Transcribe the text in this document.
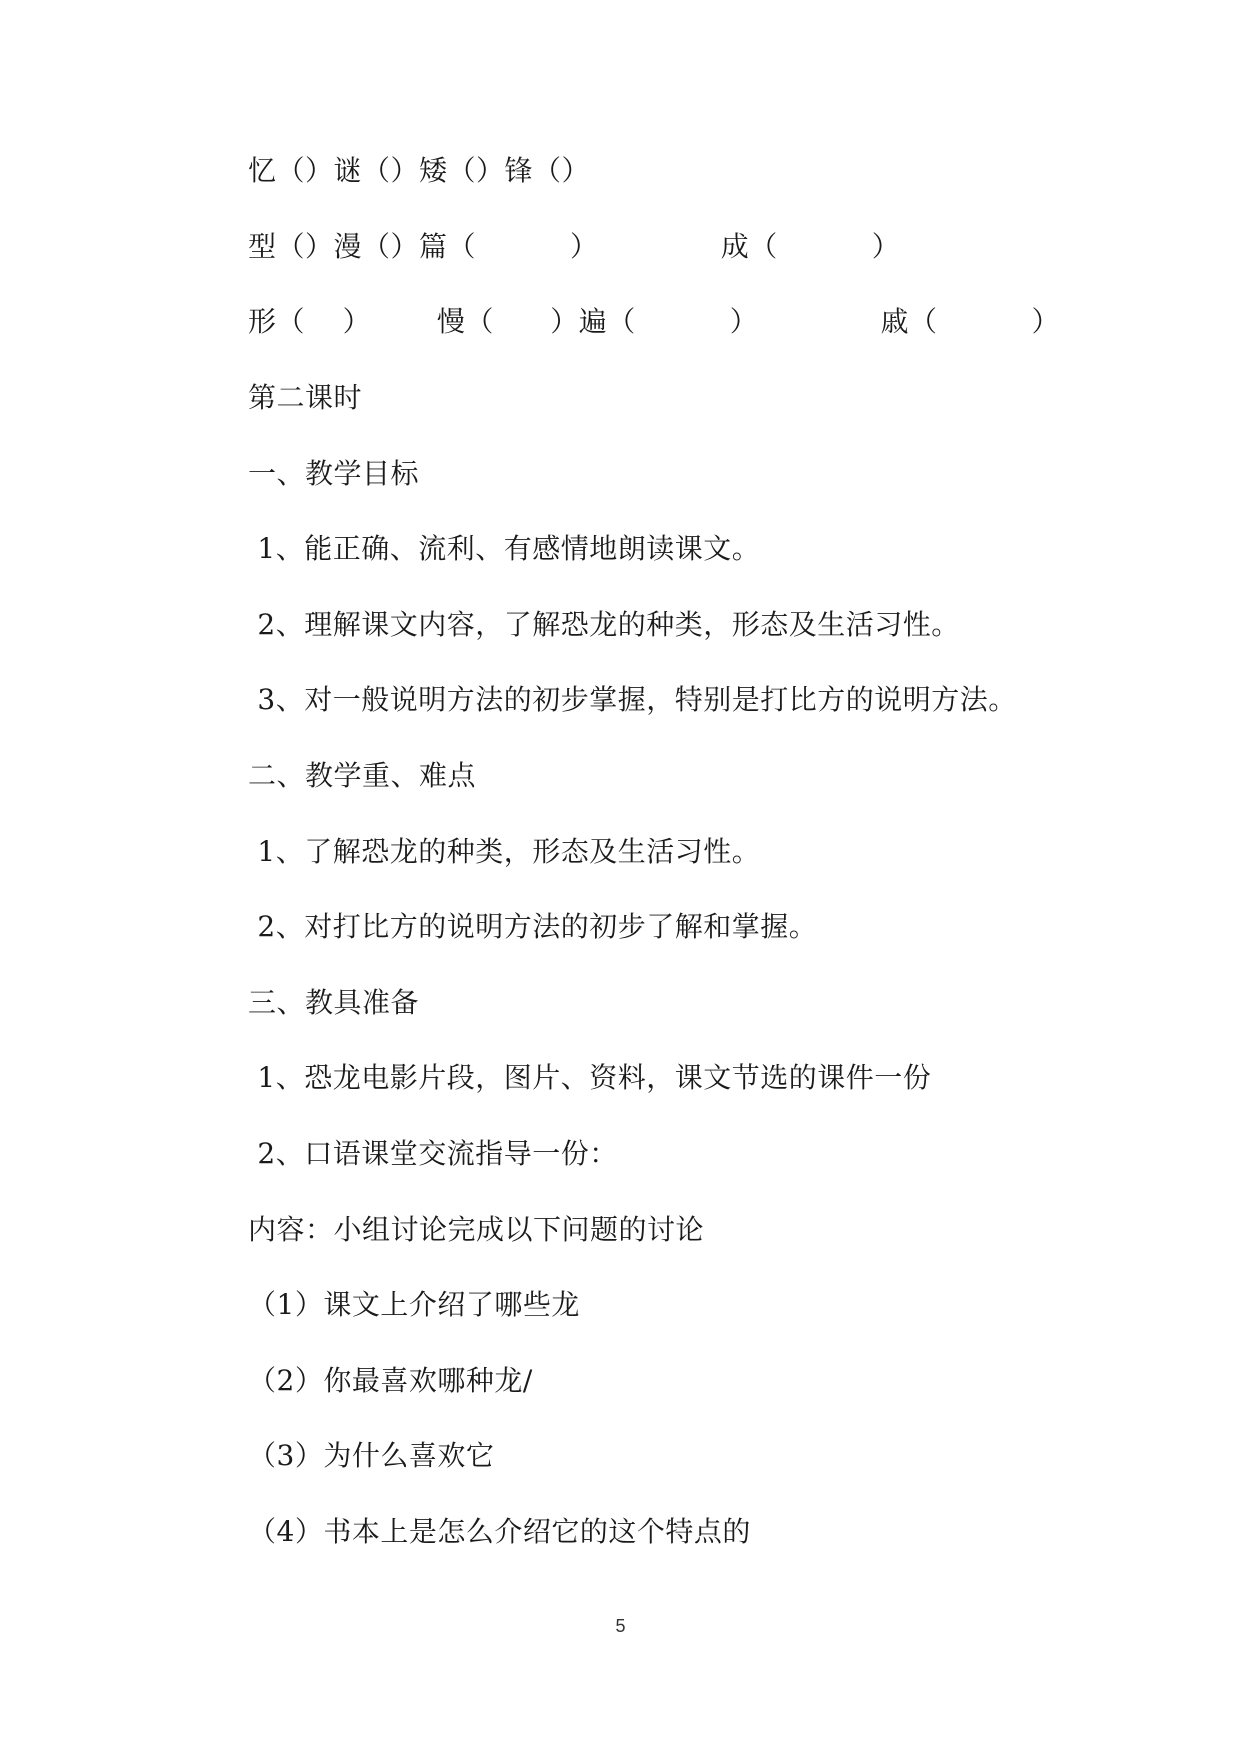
忆（）谜（）矮（）锋（）
型（）漫（）篇（          ）             成（          ）
形（    ）       慢（      ）遍（          ）             戚（          ）
第二课时
一、教学目标
1、能正确、流利、有感情地朗读课文。
2、理解课文内容，了解恐龙的种类，形态及生活习性。
3、对一般说明方法的初步掌握，特别是打比方的说明方法。
二、教学重、难点
1、了解恐龙的种类，形态及生活习性。
2、对打比方的说明方法的初步了解和掌握。
三、教具准备
1、恐龙电影片段，图片、资料，课文节选的课件一份
2、口语课堂交流指导一份：
内容：小组讨论完成以下问题的讨论
（1）课文上介绍了哪些龙
（2）你最喜欢哪种龙/
（3）为什么喜欢它
（4）书本上是怎么介绍它的这个特点的
5
